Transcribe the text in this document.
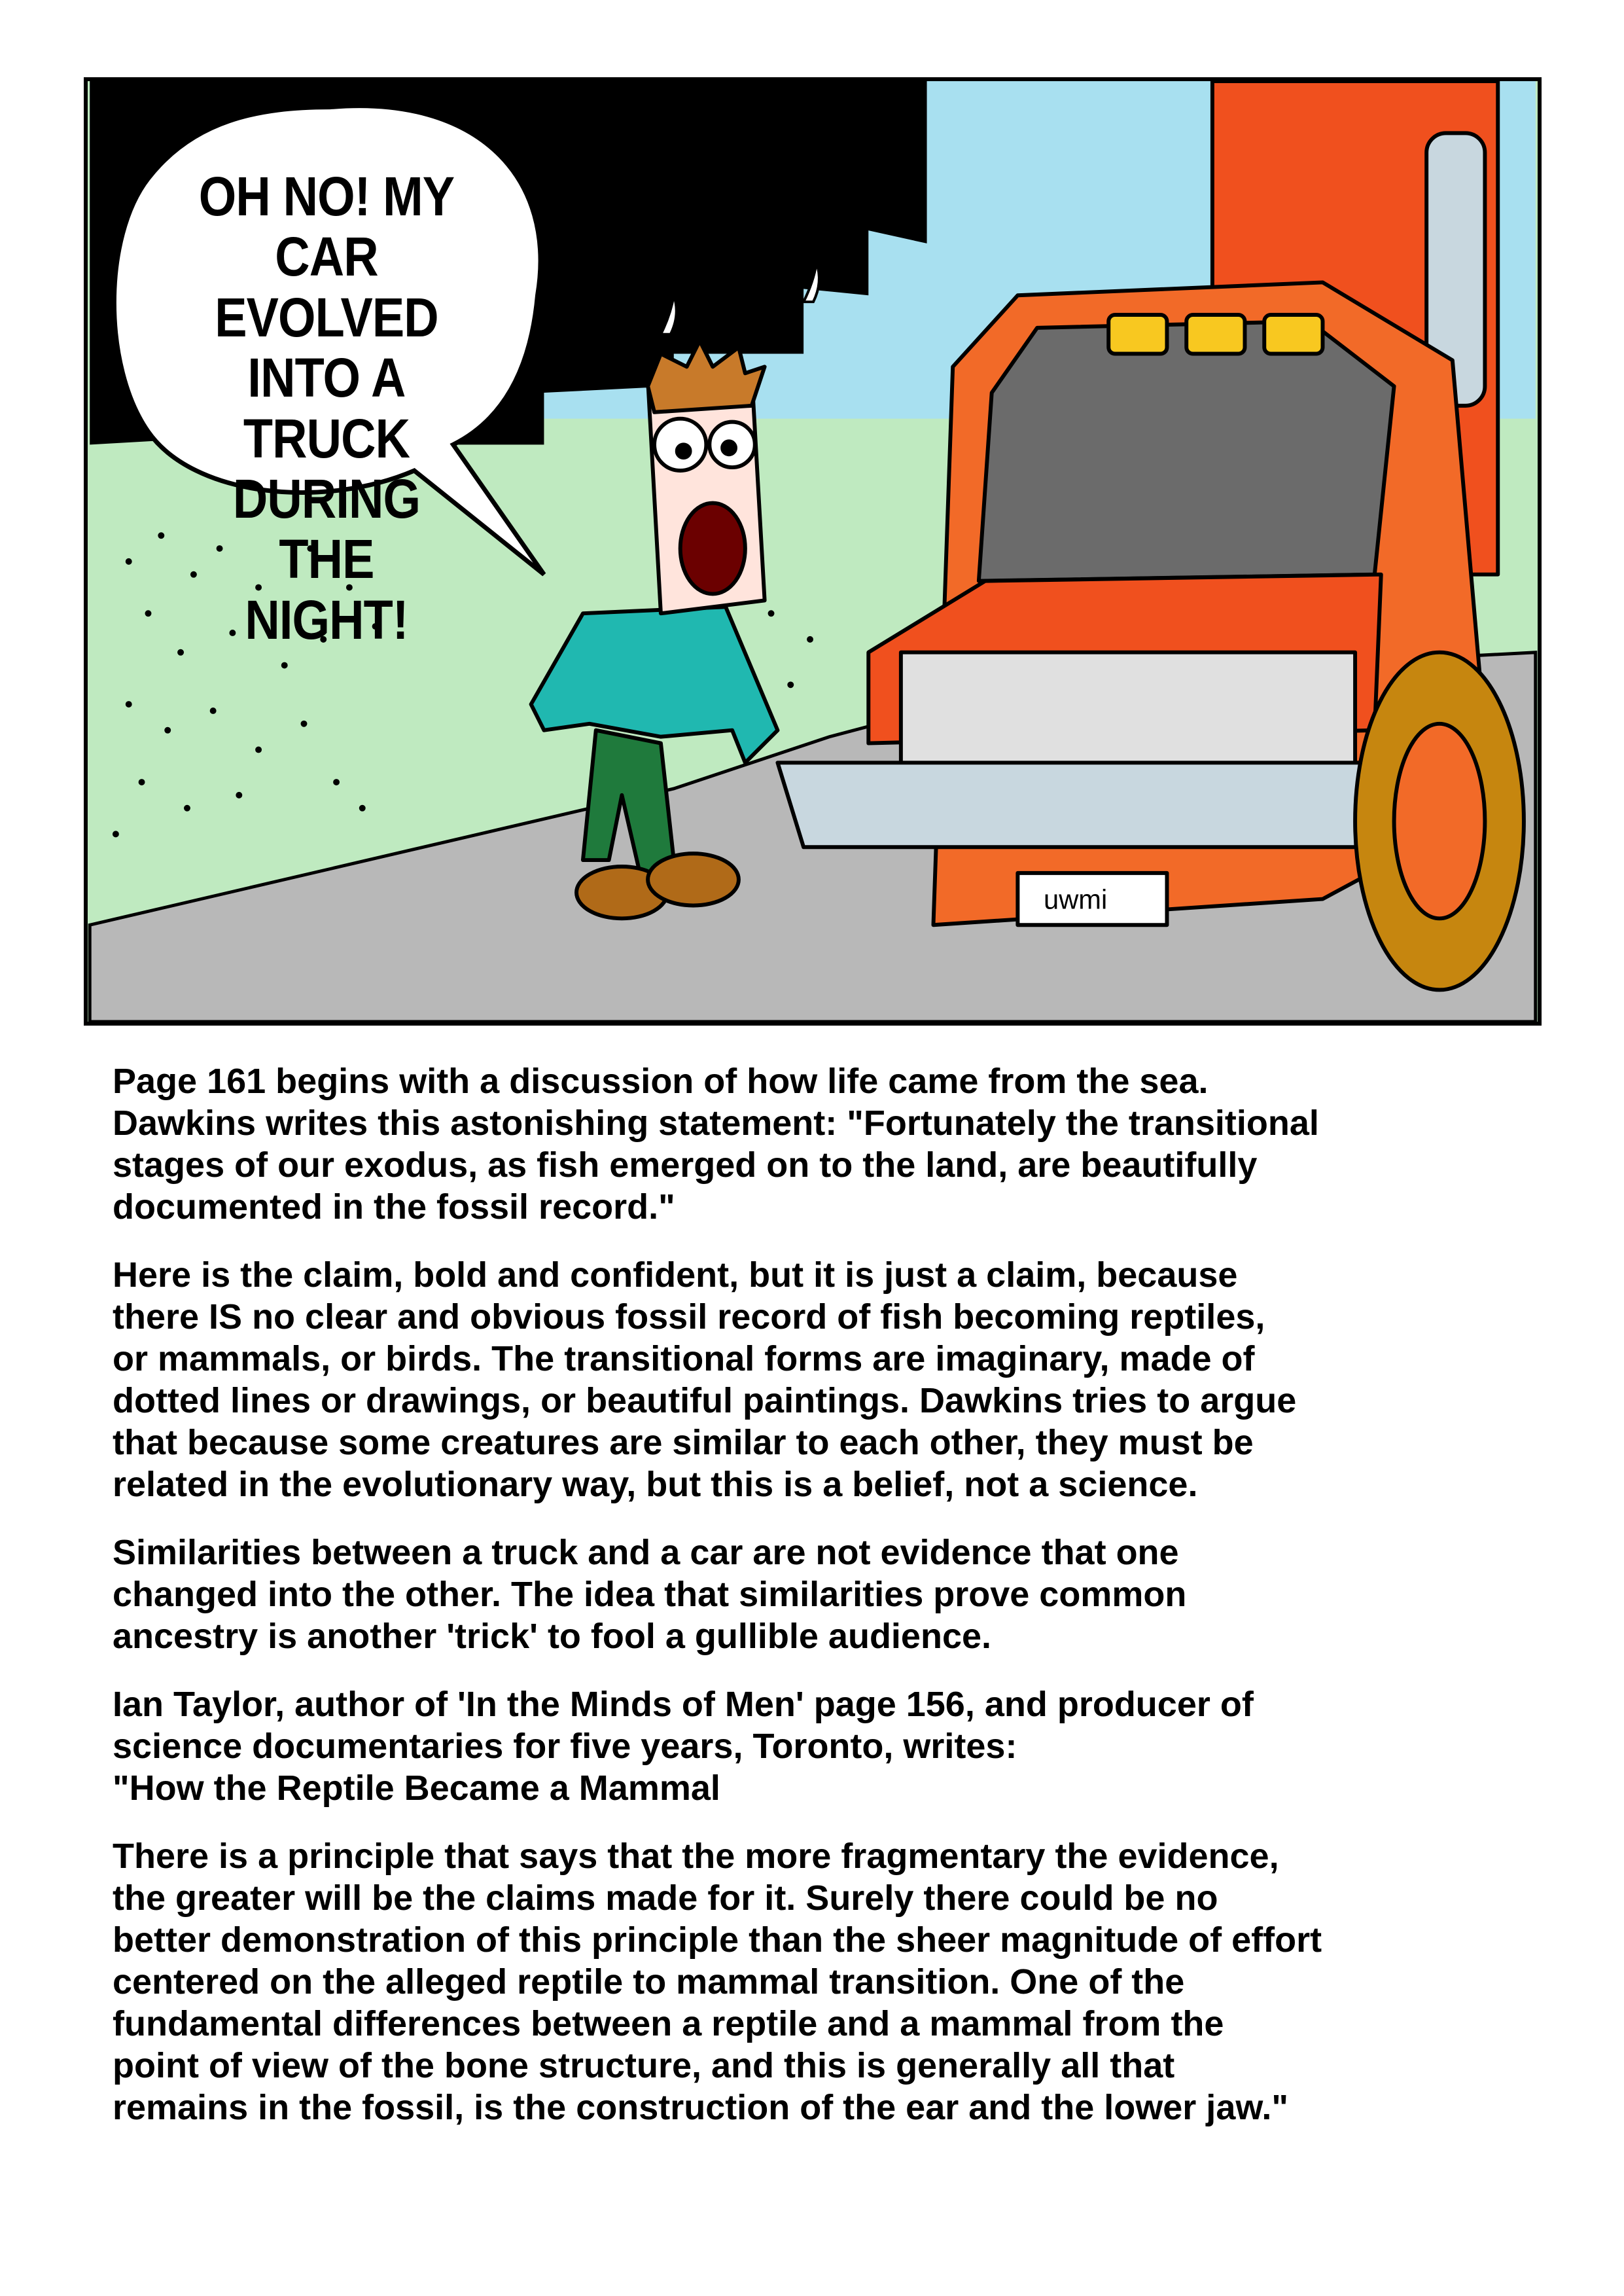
uwmi

OH NO! MY
CAR EVOLVED
INTO A TRUCK
DURING THE
NIGHT!

Page 161 begins with a discussion of how life came from the sea.
Dawkins writes this astonishing statement: "Fortunately the transitional
stages of our exodus, as fish emerged on to the land, are beautifully
documented in the fossil record."

Here is the claim, bold and confident, but it is just a claim, because
there IS no clear and obvious fossil record of fish becoming reptiles,
or mammals, or birds. The transitional forms are imaginary, made of
dotted lines or drawings, or beautiful paintings. Dawkins tries to argue
that because some creatures are similar to each other, they must be
related in the evolutionary way, but this is a belief, not a science.

Similarities between a truck and a car are not evidence that one
changed into the other. The idea that similarities prove common
ancestry is another 'trick' to fool a gullible audience.

Ian Taylor, author of 'In the Minds of Men' page 156, and producer of
science documentaries for five years, Toronto, writes:
"How the Reptile Became a Mammal

There is a principle that says that the more fragmentary the evidence,
the greater will be the claims made for it. Surely there could be no
better demonstration of this principle than the sheer magnitude of effort
centered on the alleged reptile to mammal transition. One of the
fundamental differences between a reptile and a mammal from the
point of view of the bone structure, and this is generally all that
remains in the fossil, is the construction of the ear and the lower jaw."
